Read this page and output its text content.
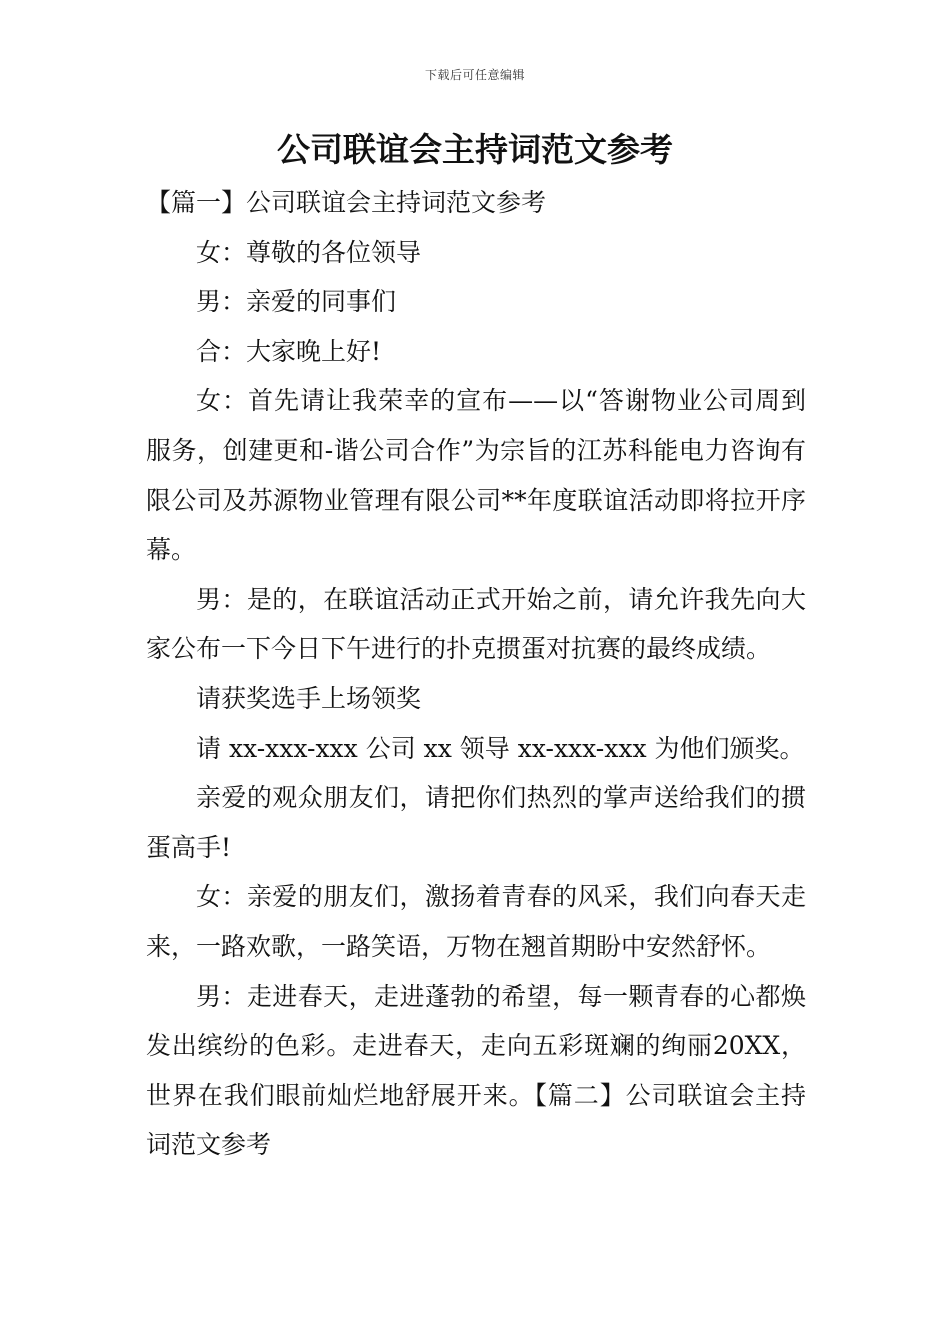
下载后可任意编辑
公司联谊会主持词范文参考

【篇一】公司联谊会主持词范文参考

女：尊敬的各位领导

男：亲爱的同事们

合：大家晚上好!

女：首先请让我荣幸的宣布——以“答谢物业公司周到服务，创建更和-谐公司合作”为宗旨的江苏科能电力咨询有限公司及苏源物业管理有限公司**年度联谊活动即将拉开序幕。

男：是的，在联谊活动正式开始之前，请允许我先向大家公布一下今日下午进行的扑克掼蛋对抗赛的最终成绩。

请获奖选手上场领奖

请 xx-xxx-xxx 公司 xx 领导 xx-xxx-xxx 为他们颁奖。

亲爱的观众朋友们，请把你们热烈的掌声送给我们的掼蛋高手!

女：亲爱的朋友们，激扬着青春的风采，我们向春天走来，一路欢歌，一路笑语，万物在翘首期盼中安然舒怀。

男：走进春天，走进蓬勃的希望，每一颗青春的心都焕发出缤纷的色彩。走进春天，走向五彩斑斓的绚丽20XX，世界在我们眼前灿烂地舒展开来。【篇二】公司联谊会主持词范文参考
